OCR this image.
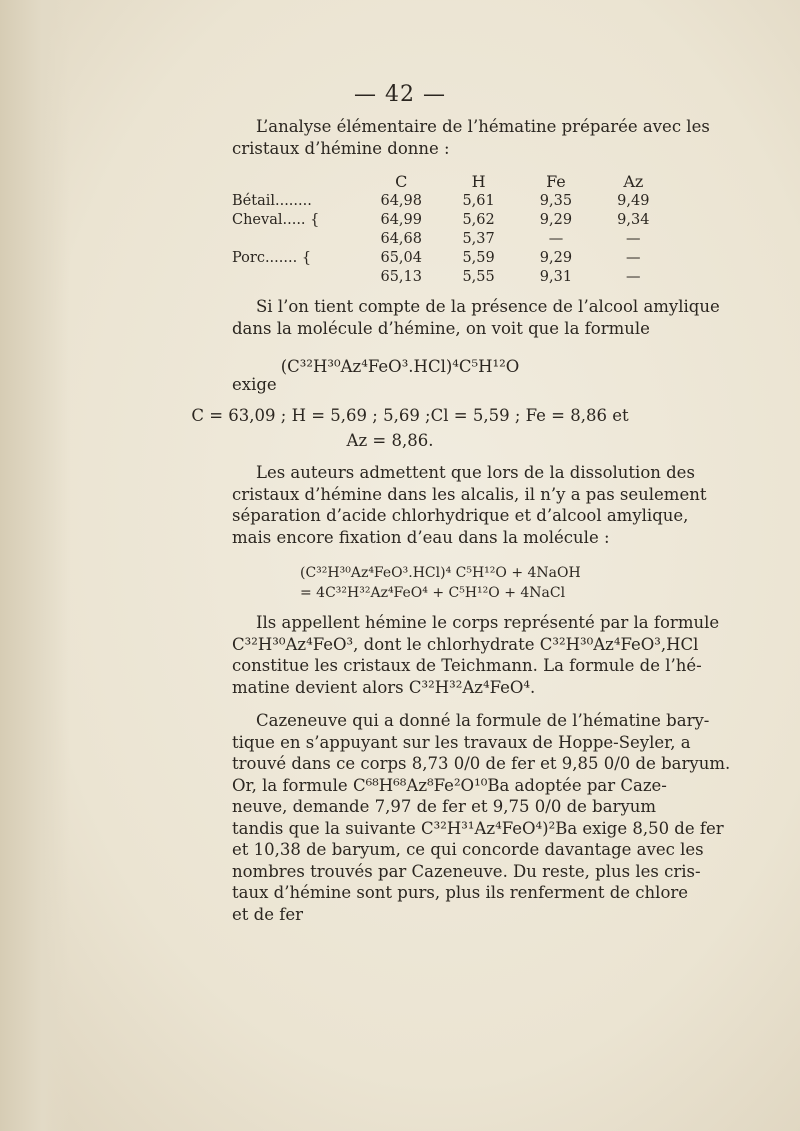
— 42 —
L’analyse élémentaire de l’hématine préparée avec les
cristaux d’hémine donne :
	C	H	Fe	Az
Bétail........	64,98	5,61	9,35	9,49
Cheval..... {	64,99	5,62	9,29	9,34
	64,68	5,37	—	—
Porc....... {	65,04	5,59	9,29	—
	65,13	5,55	9,31	—
Si l’on tient compte de la présence de l’alcool amylique
dans la molécule d’hémine, on voit que la formule
(C³²H³⁰Az⁴FeO³.HCl)⁴C⁵H¹²O
exige
C = 63,09 ; H = 5,69 ; 5,69 ;Cl = 5,59 ; Fe = 8,86 et
Az = 8,86.
Les auteurs admettent que lors de la dissolution des
cristaux d’hémine dans les alcalis, il n’y a pas seulement
séparation d’acide chlorhydrique et d’alcool amylique,
mais encore fixation d’eau dans la molécule :
(C³²H³⁰Az⁴FeO³.HCl)⁴ C⁵H¹²O + 4NaOH
= 4C³²H³²Az⁴FeO⁴ + C⁵H¹²O + 4NaCl
Ils appellent hémine le corps représenté par la formule
C³²H³⁰Az⁴FeO³, dont le chlorhydrate C³²H³⁰Az⁴FeO³,HCl
constitue les cristaux de Teichmann. La formule de l’hé-
matine devient alors C³²H³²Az⁴FeO⁴.
Cazeneuve qui a donné la formule de l’hématine bary-
tique en s’appuyant sur les travaux de Hoppe-Seyler, a
trouvé dans ce corps 8,73 0/0 de fer et 9,85 0/0 de baryum.
Or, la formule C⁶⁸H⁶⁸Az⁸Fe²O¹⁰Ba adoptée par Caze-
neuve, demande 7,97 de fer et 9,75 0/0 de baryum
tandis que la suivante C³²H³¹Az⁴FeO⁴)²Ba exige 8,50 de fer
et 10,38 de baryum, ce qui concorde davantage avec les
nombres trouvés par Cazeneuve. Du reste, plus les cris-
taux d’hémine sont purs, plus ils renferment de chlore
et de fer
